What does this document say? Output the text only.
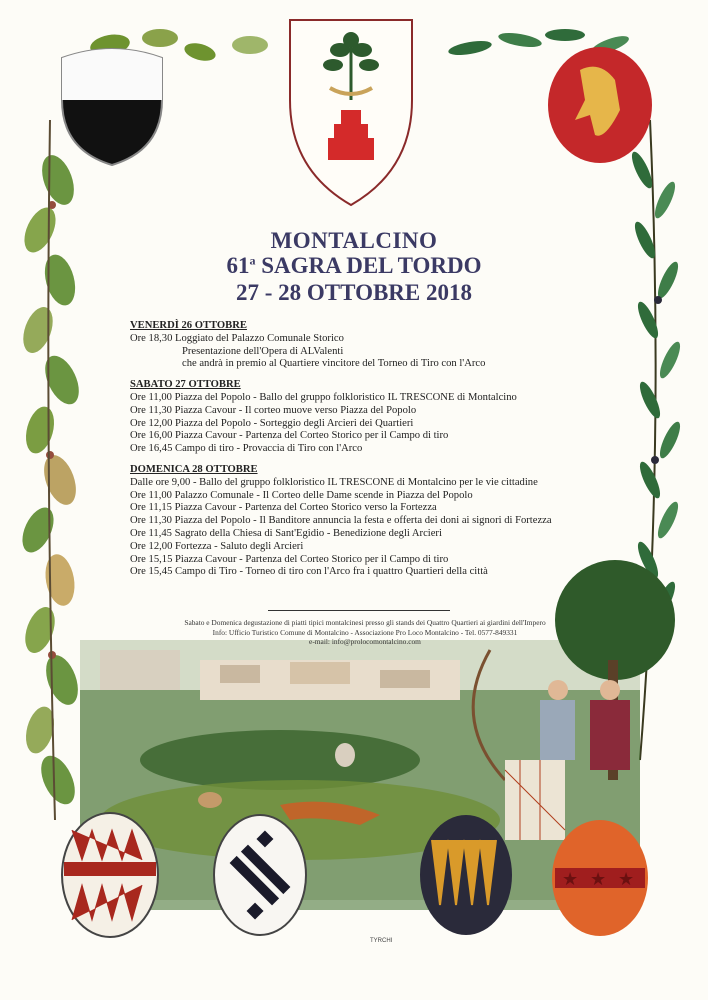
★ ★ ★
MONTALCINO
61$^a$ SAGRA DEL TORDO
27 - 28 OTTOBRE 2018
VENERDÌ 26 OTTOBRE
Ore 18,30 Loggiato del Palazzo Comunale Storico
Presentazione dell'Opera di ALValenti
che andrà in premio al Quartiere vincitore del Torneo di Tiro con l'Arco
SABATO 27 OTTOBRE
Ore 11,00 Piazza del Popolo - Ballo del gruppo folkloristico IL TRESCONE di Montalcino
Ore 11,30 Piazza Cavour - Il corteo muove verso Piazza del Popolo
Ore 12,00 Piazza del Popolo - Sorteggio degli Arcieri dei Quartieri
Ore 16,00 Piazza Cavour - Partenza del Corteo Storico per il Campo di tiro
Ore 16,45 Campo di tiro - Provaccia di Tiro con l'Arco
DOMENICA 28 OTTOBRE
Dalle ore 9,00 - Ballo del gruppo folkloristico IL TRESCONE di Montalcino per le vie cittadine
Ore 11,00 Palazzo Comunale - Il Corteo delle Dame scende in Piazza del Popolo
Ore 11,15 Piazza Cavour - Partenza del Corteo Storico verso la Fortezza
Ore 11,30 Piazza del Popolo - Il Banditore annuncia la festa e offerta dei doni ai signori di Fortezza
Ore 11,45 Sagrato della Chiesa di Sant'Egidio - Benedizione degli Arcieri
Ore 12,00 Fortezza - Saluto degli Arcieri
Ore 15,15 Piazza Cavour - Partenza del Corteo Storico per il Campo di tiro
Ore 15,45 Campo di Tiro - Torneo di tiro con l'Arco fra i quattro Quartieri della città
Sabato e Domenica degustazione di piatti tipici montalcinesi presso gli stands dei Quattro Quartieri ai giardini dell'Impero
Info: Ufficio Turistico Comune di Montalcino - Associazione Pro Loco Montalcino - Tel. 0577-849331
e-mail: info@prolocomontalcino.com
TYRCHI
